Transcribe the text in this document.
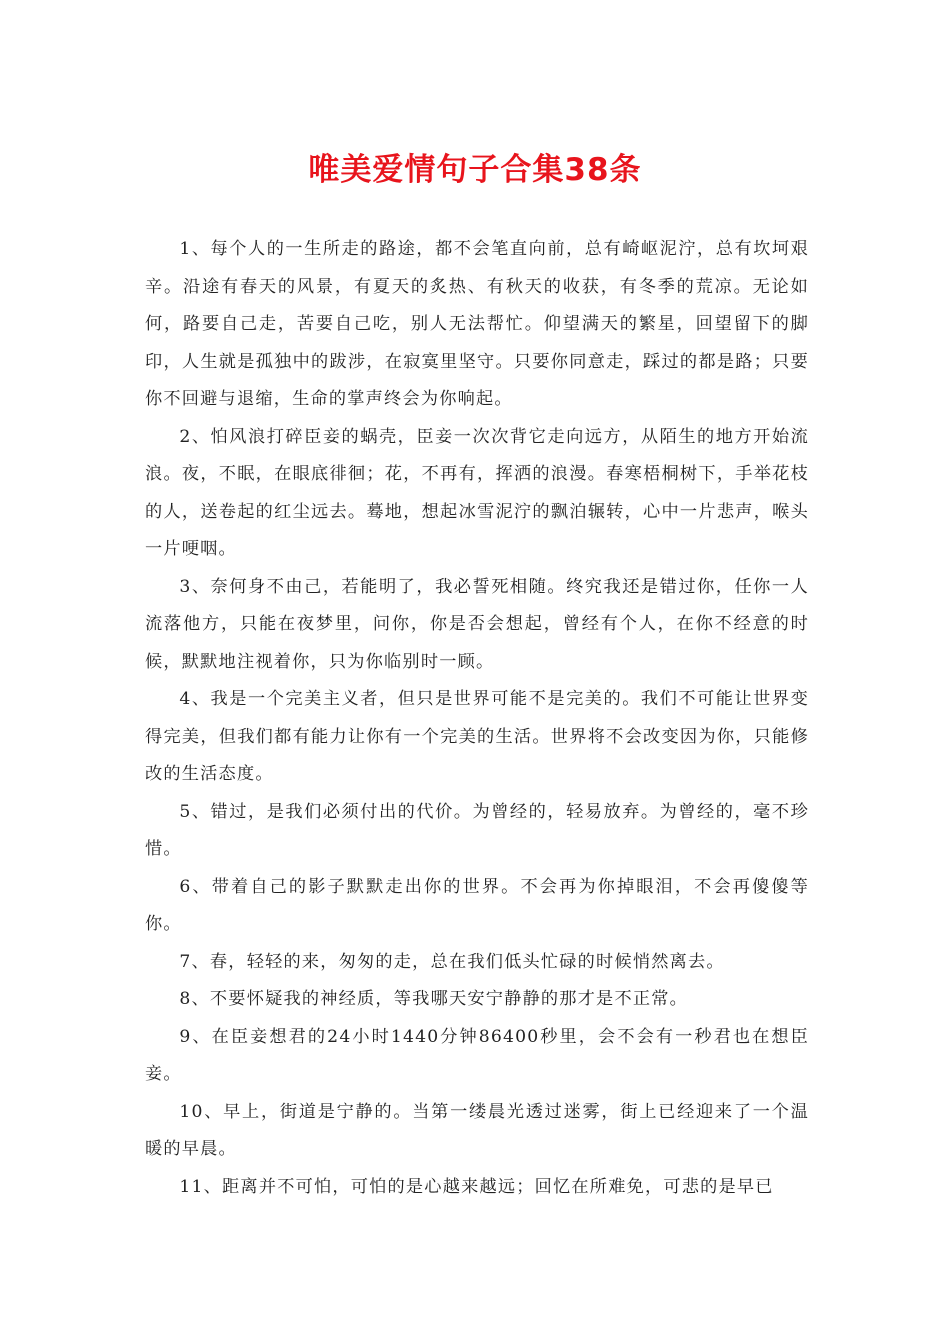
唯美爱情句子合集38条

1、每个人的一生所走的路途，都不会笔直向前，总有崎岖泥泞，总有坎坷艰辛。沿途有春天的风景，有夏天的炙热、有秋天的收获，有冬季的荒凉。无论如何，路要自己走，苦要自己吃，别人无法帮忙。仰望满天的繁星，回望留下的脚印，人生就是孤独中的跋涉，在寂寞里坚守。只要你同意走，踩过的都是路；只要你不回避与退缩，生命的掌声终会为你响起。

2、怕风浪打碎臣妾的蜗壳，臣妾一次次背它走向远方，从陌生的地方开始流浪。夜，不眠，在眼底徘徊；花，不再有，挥洒的浪漫。春寒梧桐树下，手举花枝的人，送卷起的红尘远去。蓦地，想起冰雪泥泞的飘泊辗转，心中一片悲声，喉头一片哽咽。

3、奈何身不由己，若能明了，我必誓死相随。终究我还是错过你，任你一人流落他方，只能在夜梦里，问你，你是否会想起，曾经有个人，在你不经意的时候，默默地注视着你，只为你临别时一顾。

4、我是一个完美主义者，但只是世界可能不是完美的。我们不可能让世界变得完美，但我们都有能力让你有一个完美的生活。世界将不会改变因为你，只能修改的生活态度。

5、错过，是我们必须付出的代价。为曾经的，轻易放弃。为曾经的，毫不珍惜。

6、带着自己的影子默默走出你的世界。不会再为你掉眼泪，不会再傻傻等你。

7、春，轻轻的来，匆匆的走，总在我们低头忙碌的时候悄然离去。

8、不要怀疑我的神经质，等我哪天安宁静静的那才是不正常。

9、在臣妾想君的24小时1440分钟86400秒里，会不会有一秒君也在想臣妾。

10、早上，街道是宁静的。当第一缕晨光透过迷雾，街上已经迎来了一个温暖的早晨。

11、距离并不可怕，可怕的是心越来越远；回忆在所难免，可悲的是早已
